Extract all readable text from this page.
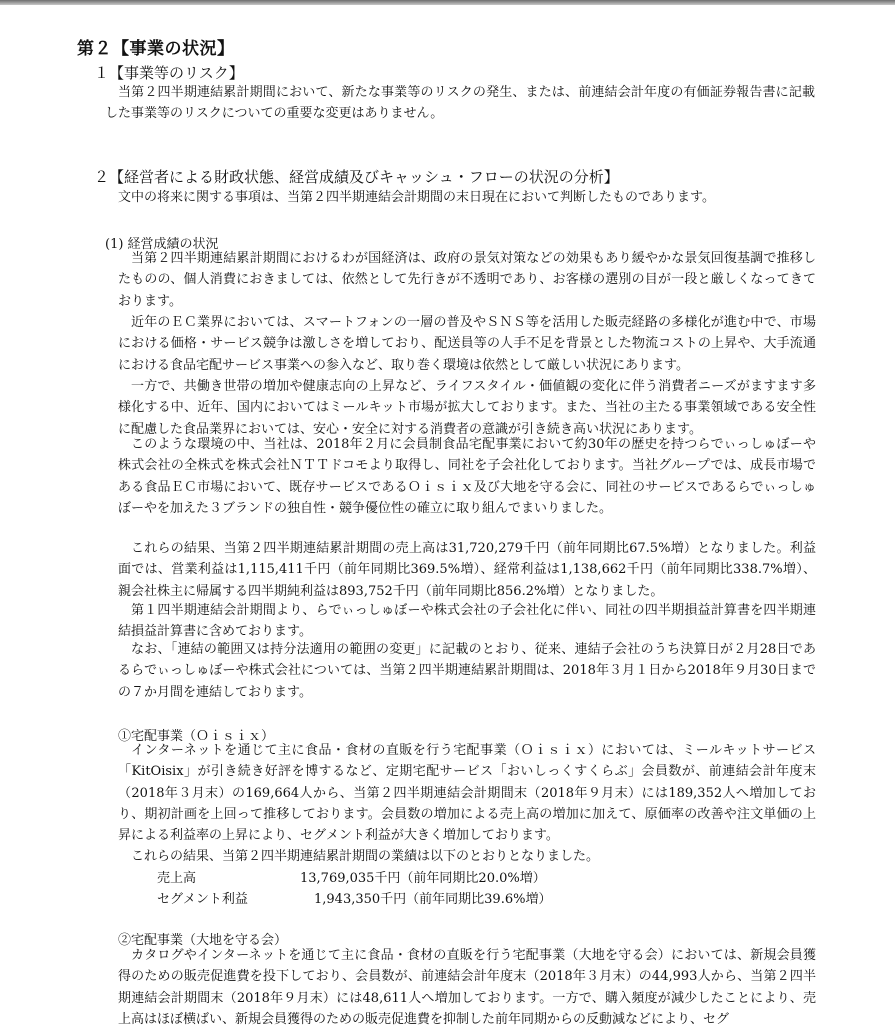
第２【事業の状況】
１【事業等のリスク】
当第２四半期連結累計期間において、新たな事業等のリスクの発生、または、前連結会計年度の有価証券報告書に記載した事業等のリスクについての重要な変更はありません。
２【経営者による財政状態、経営成績及びキャッシュ・フローの状況の分析】
文中の将来に関する事項は、当第２四半期連結会計期間の末日現在において判断したものであります。
(1) 経営成績の状況
当第２四半期連結累計期間におけるわが国経済は、政府の景気対策などの効果もあり緩やかな景気回復基調で推移したものの、個人消費におきましては、依然として先行きが不透明であり、お客様の選別の目が一段と厳しくなってきております。
近年のＥＣ業界においては、スマートフォンの一層の普及やＳＮＳ等を活用した販売経路の多様化が進む中で、市場における価格・サービス競争は激しさを増しており、配送員等の人手不足を背景とした物流コストの上昇や、大手流通における食品宅配サービス事業への参入など、取り巻く環境は依然として厳しい状況にあります。
一方で、共働き世帯の増加や健康志向の上昇など、ライフスタイル・価値観の変化に伴う消費者ニーズがますます多様化する中、近年、国内においてはミールキット市場が拡大しております。また、当社の主たる事業領域である安全性に配慮した食品業界においては、安心・安全に対する消費者の意識が引き続き高い状況にあります。
このような環境の中、当社は、2018年２月に会員制食品宅配事業において約30年の歴史を持つらでぃっしゅぼーや株式会社の全株式を株式会社ＮＴＴドコモより取得し、同社を子会社化しております。当社グループでは、成長市場である食品ＥＣ市場において、既存サービスであるＯｉｓｉｘ及び大地を守る会に、同社のサービスであるらでぃっしゅぼーやを加えた３ブランドの独自性・競争優位性の確立に取り組んでまいりました。
これらの結果、当第２四半期連結累計期間の売上高は31,720,279千円（前年同期比67.5%増）となりました。利益面では、営業利益は1,115,411千円（前年同期比369.5%増）、経常利益は1,138,662千円（前年同期比338.7%増）、親会社株主に帰属する四半期純利益は893,752千円（前年同期比856.2%増）となりました。
第１四半期連結会計期間より、らでぃっしゅぼーや株式会社の子会社化に伴い、同社の四半期損益計算書を四半期連結損益計算書に含めております。
なお、「連結の範囲又は持分法適用の範囲の変更」に記載のとおり、従来、連結子会社のうち決算日が２月28日であるらでぃっしゅぼーや株式会社については、当第２四半期連結累計期間は、2018年３月１日から2018年９月30日までの７か月間を連結しております。
①宅配事業（Ｏｉｓｉｘ）
インターネットを通じて主に食品・食材の直販を行う宅配事業（Ｏｉｓｉｘ）においては、ミールキットサービス「KitOisix」が引き続き好評を博するなど、定期宅配サービス「おいしっくすくらぶ」会員数が、前連結会計年度末（2018年３月末）の169,664人から、当第２四半期連結会計期間末（2018年９月末）には189,352人へ増加しており、期初計画を上回って推移しております。会員数の増加による売上高の増加に加えて、原価率の改善や注文単価の上昇による利益率の上昇により、セグメント利益が大きく増加しております。
これらの結果、当第２四半期連結累計期間の業績は以下のとおりとなりました。
売上高	13,769,035千円（前年同期比20.0%増）
セグメント利益	1,943,350千円（前年同期比39.6%増）
②宅配事業（大地を守る会）
カタログやインターネットを通じて主に食品・食材の直販を行う宅配事業（大地を守る会）においては、新規会員獲得のための販売促進費を投下しており、会員数が、前連結会計年度末（2018年３月末）の44,993人から、当第２四半期連結会計期間末（2018年９月末）には48,611人へ増加しております。一方で、購入頻度が減少したことにより、売上高はほぼ横ばい、新規会員獲得のための販売促進費を抑制した前年同期からの反動減などにより、セグ
